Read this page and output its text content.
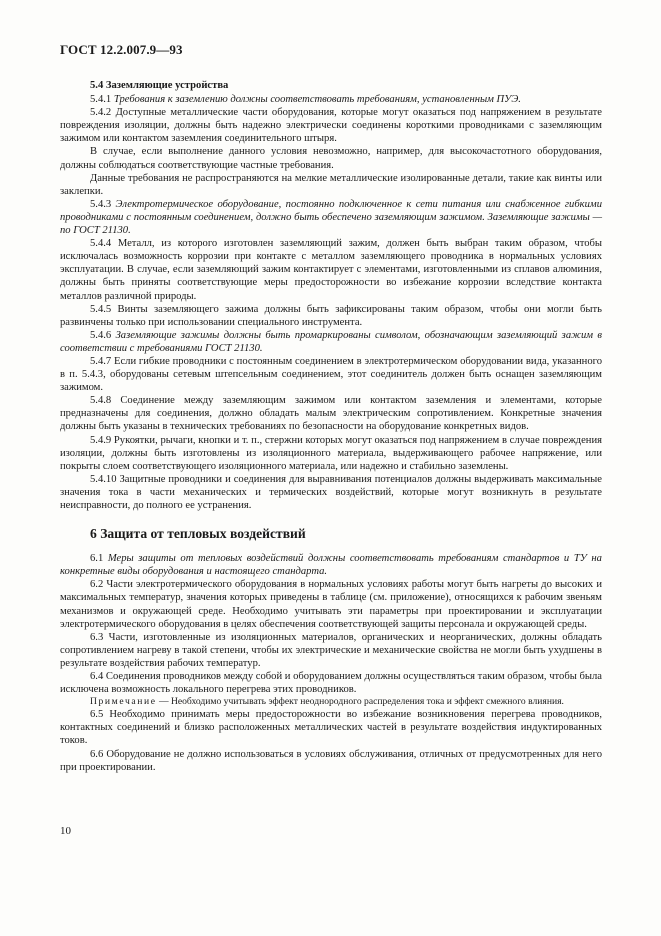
ГОСТ 12.2.007.9—93

5.4 Заземляющие устройства

5.4.1 Требования к заземлению должны соответствовать требованиям, установленным ПУЭ.

5.4.2 Доступные металлические части оборудования, которые могут оказаться под напряжением в результате повреждения изоляции, должны быть надежно электрически соединены короткими проводниками с заземляющим зажимом или контактом заземления соединительного штыря.

В случае, если выполнение данного условия невозможно, например, для высокочастотного оборудования, должны соблюдаться соответствующие частные требования.

Данные требования не распространяются на мелкие металлические изолированные детали, такие как винты или заклепки.

5.4.3 Электротермическое оборудование, постоянно подключенное к сети питания или снабженное гибкими проводниками с постоянным соединением, должно быть обеспечено заземляющим зажимом. Заземляющие зажимы — по ГОСТ 21130.

5.4.4 Металл, из которого изготовлен заземляющий зажим, должен быть выбран таким образом, чтобы исключалась возможность коррозии при контакте с металлом заземляющего проводника в нормальных условиях эксплуатации. В случае, если заземляющий зажим контактирует с элементами, изготовленными из сплавов алюминия, должны быть приняты соответствующие меры предосторожности во избежание коррозии вследствие контакта металлов различной природы.

5.4.5 Винты заземляющего зажима должны быть зафиксированы таким образом, чтобы они могли быть развинчены только при использовании специального инструмента.

5.4.6 Заземляющие зажимы должны быть промаркированы символом, обозначающим заземляющий зажим в соответствии с требованиями ГОСТ 21130.

5.4.7 Если гибкие проводники с постоянным соединением в электротермическом оборудовании вида, указанного в п. 5.4.3, оборудованы сетевым штепсельным соединением, этот соединитель должен быть оснащен заземляющим зажимом.

5.4.8 Соединение между заземляющим зажимом или контактом заземления и элементами, которые предназначены для соединения, должно обладать малым электрическим сопротивлением. Конкретные значения должны быть указаны в технических требованиях по безопасности на оборудование конкретных видов.

5.4.9 Рукоятки, рычаги, кнопки и т. п., стержни которых могут оказаться под напряжением в случае повреждения изоляции, должны быть изготовлены из изоляционного материала, выдерживающего рабочее напряжение, или покрыты слоем соответствующего изоляционного материала, или надежно и стабильно заземлены.

5.4.10 Защитные проводники и соединения для выравнивания потенциалов должны выдерживать максимальные значения тока в части механических и термических воздействий, которые могут возникнуть в результате неисправности, до полного ее устранения.

6 Защита от тепловых воздействий

6.1 Меры защиты от тепловых воздействий должны соответствовать требованиям стандартов и ТУ на конкретные виды оборудования и настоящего стандарта.

6.2 Части электротермического оборудования в нормальных условиях работы могут быть нагреты до высоких и максимальных температур, значения которых приведены в таблице (см. приложение), относящихся к рабочим звеньям механизмов и окружающей среде. Необходимо учитывать эти параметры при проектировании и эксплуатации электротермического оборудования в целях обеспечения соответствующей защиты персонала и окружающей среды.

6.3 Части, изготовленные из изоляционных материалов, органических и неорганических, должны обладать сопротивлением нагреву в такой степени, чтобы их электрические и механические свойства не могли быть ухудшены в результате воздействия рабочих температур.

6.4 Соединения проводников между собой и оборудованием должны осуществляться таким образом, чтобы была исключена возможность локального перегрева этих проводников.

Примечание — Необходимо учитывать эффект неоднородного распределения тока и эффект смежного влияния.

6.5 Необходимо принимать меры предосторожности во избежание возникновения перегрева проводников, контактных соединений и близко расположенных металлических частей в результате воздействия индуктированных токов.

6.6 Оборудование не должно использоваться в условиях обслуживания, отличных от предусмотренных для него при проектировании.

10
